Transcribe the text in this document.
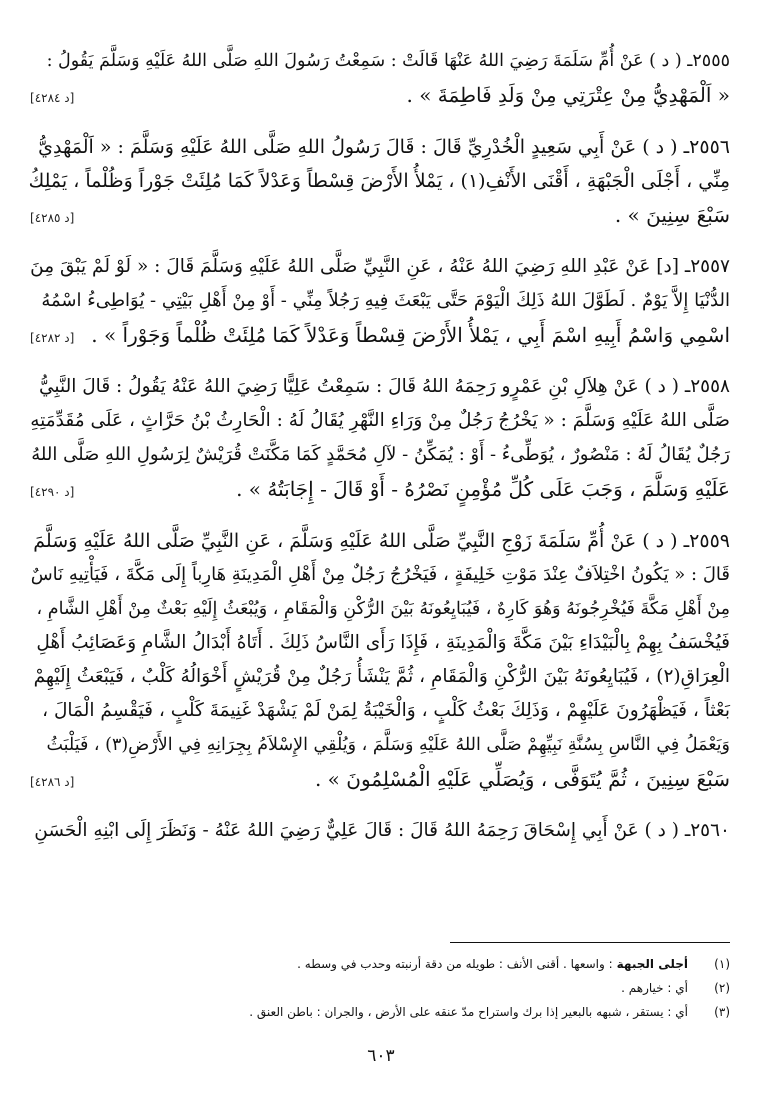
٢٥٥٥ـ ( د ) عَنْ أُمِّ سَلَمَةَ رَضِيَ اللهُ عَنْهَا قَالَتْ : سَمِعْتُ رَسُولَ اللهِ صَلَّى اللهُ عَلَيْهِ وَسَلَّمَ يَقُولُ :
« اَلْمَهْدِيُّ مِنْ عِتْرَتِي مِنْ وَلَدِ فَاطِمَةَ » .
[د ٤٢٨٤]
٢٥٥٦ـ ( د ) عَنْ أَبِي سَعِيدٍ الْخُدْرِيِّ قَالَ : قَالَ رَسُولُ اللهِ صَلَّى اللهُ عَلَيْهِ وَسَلَّمَ : « اَلْمَهْدِيُّ
مِنِّي ، أَجْلَى الْجَبْهَةِ ، أَقْنَى الأَنْفِ(١) ، يَمْلأُ الأَرْضَ قِسْطاً وَعَدْلاً كَمَا مُلِئَتْ جَوْراً وَظُلْماً ، يَمْلِكُ
سَبْعَ سِنِينَ » .
[د ٤٢٨٥]
٢٥٥٧ـ [د] عَنْ عَبْدِ اللهِ رَضِيَ اللهُ عَنْهُ ، عَنِ النَّبِيِّ صَلَّى اللهُ عَلَيْهِ وَسَلَّمَ قَالَ : « لَوْ لَمْ يَبْقَ مِنَ
الدُّنْيَا إِلاَّ يَوْمٌ . لَطَوَّلَ اللهُ ذَلِكَ الْيَوْمَ حَتَّى يَبْعَثَ فِيهِ رَجُلاً مِنِّي - أَوْ مِنْ أَهْلِ بَيْتِي - يُوَاطِىءُ اسْمُهُ
اسْمِي وَاسْمُ أَبِيهِ اسْمَ أَبِي ، يَمْلأُ الأَرْضَ قِسْطاً وَعَدْلاً كَمَا مُلِئَتْ ظُلْماً وَجَوْراً » .
[د ٤٢٨٢]
٢٥٥٨ـ ( د ) عَنْ هِلاَلِ بْنِ عَمْرٍو رَحِمَهُ اللهُ قَالَ : سَمِعْتُ عَلِيًّا رَضِيَ اللهُ عَنْهُ يَقُولُ : قَالَ النَّبِيُّ
صَلَّى اللهُ عَلَيْهِ وَسَلَّمَ : « يَخْرُجُ رَجُلٌ مِنْ وَرَاءِ النَّهْرِ يُقَالُ لَهُ : الْحَارِثُ بْنُ حَرَّاثٍ ، عَلَى مُقَدِّمَتِهِ
رَجُلٌ يُقَالُ لَهُ : مَنْصُورٌ ، يُوَطِّىءُ - أَوْ : يُمَكِّنُ - لآلِ مُحَمَّدٍ كَمَا مَكَّنَتْ قُرَيْشٌ لِرَسُولِ اللهِ صَلَّى اللهُ
عَلَيْهِ وَسَلَّمَ ، وَجَبَ عَلَى كُلِّ مُؤْمِنٍ نَصْرُهُ - أَوْ قَالَ - إِجَابَتُهُ » .
[د ٤٢٩٠]
٢٥٥٩ـ ( د ) عَنْ أُمِّ سَلَمَةَ زَوْجِ النَّبِيِّ صَلَّى اللهُ عَلَيْهِ وَسَلَّمَ ، عَنِ النَّبِيِّ صَلَّى اللهُ عَلَيْهِ وَسَلَّمَ
قَالَ : « يَكُونُ اخْتِلاَفٌ عِنْدَ مَوْتِ خَلِيفَةٍ ، فَيَخْرُجُ رَجُلٌ مِنْ أَهْلِ الْمَدِينَةِ هَارِباً إِلَى مَكَّةَ ، فَيَأْتِيهِ نَاسٌ
مِنْ أَهْلِ مَكَّةَ فَيُخْرِجُونَهُ وَهُوَ كَارِهٌ ، فَيُبَايِعُونَهُ بَيْنَ الرُّكْنِ وَالْمَقَامِ ، وَيُبْعَثُ إِلَيْهِ بَعْثٌ مِنْ أَهْلِ الشَّامِ ،
فَيُخْسَفُ بِهِمْ بِالْبَيْدَاءِ بَيْنَ مَكَّةَ وَالْمَدِينَةِ ، فَإِذَا رَأَى النَّاسُ ذَلِكَ . أَتَاهُ أَبْدَالُ الشَّامِ وَعَصَائِبُ أَهْلِ
الْعِرَاقِ(٢) ، فَيُبَايِعُونَهُ بَيْنَ الرُّكْنِ وَالْمَقَامِ ، ثُمَّ يَنْشَأُ رَجُلٌ مِنْ قُرَيْشٍ أَخْوَالُهُ كَلْبٌ ، فَيَبْعَثُ إِلَيْهِمْ
بَعْثاً ، فَيَظْهَرُونَ عَلَيْهِمْ ، وَذَلِكَ بَعْثُ كَلْبٍ ، وَالْخَيْبَةُ لِمَنْ لَمْ يَشْهَدْ غَنِيمَةَ كَلْبٍ ، فَيَقْسِمُ الْمَالَ ،
وَيَعْمَلُ فِي النَّاسِ بِسُنَّةِ نَبِيِّهِمْ صَلَّى اللهُ عَلَيْهِ وَسَلَّمَ ، وَيُلْقِي الإِسْلاَمُ بِجِرَانِهِ فِي الأَرْضِ(٣) ، فَيَلْبَثُ
سَبْعَ سِنِينَ ، ثُمَّ يُتَوَفَّى ، وَيُصَلِّي عَلَيْهِ الْمُسْلِمُونَ » .
[د ٤٢٨٦]
٢٥٦٠ـ ( د ) عَنْ أَبِي إِسْحَاقَ رَحِمَهُ اللهُ قَالَ : قَالَ عَلِيٌّ رَضِيَ اللهُ عَنْهُ - وَنَظَرَ إِلَى ابْنِهِ الْحَسَنِ
(١)
أجلى الجبهة
: واسعها . أقنى الأنف : طويله من دقة أرنبته وحدب في وسطه .
(٢)
أي : خيارهم .
(٣)
أي : يستقر ، شبهه بالبعير إذا برك واستراح مدّ عنقه على الأرض ، والجران : باطن العنق .
٦٠٣
